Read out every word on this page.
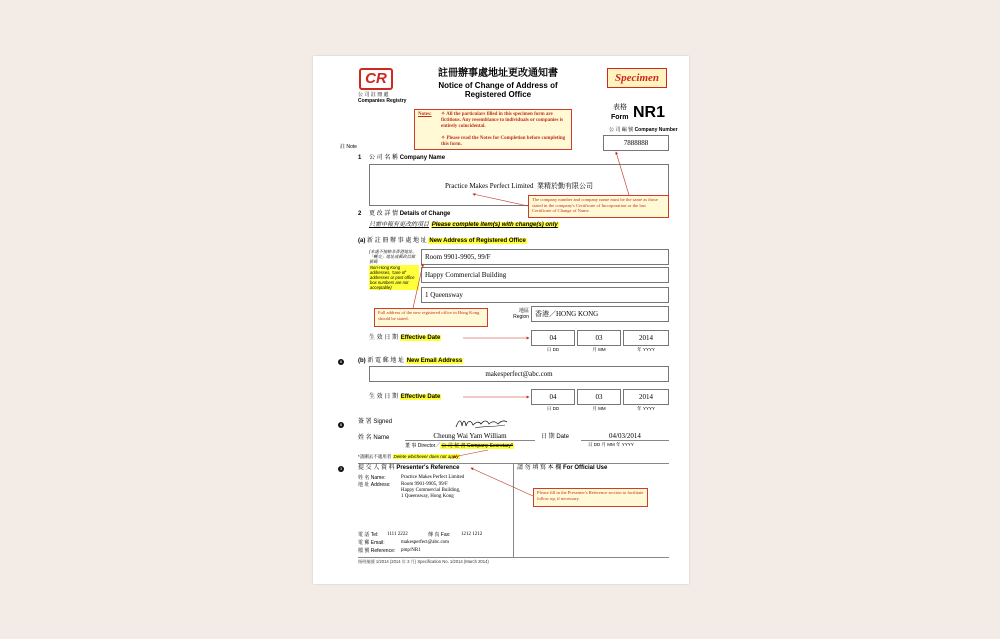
CR
公 司 註 冊 處
Companies Registry
註冊辦事處地址更改通知書
Notice of Change of Address of
Registered Office
Specimen
表格
Form NR1
Notes: ✧ All the particulars filled in this specimen form are fictitious. Any resemblance to individuals or companies is entirely coincidental.
✧ Please read the Notes for Completion before completing this form.
公 司 編 號 Company Number
7888888
註 Note
1 公 司 名 稱 Company Name
Practice Makes Perfect Limited 業精於勤有限公司
The company number and company name must be the same as those stated in the company's Certificate of Incorporation or the last Certificate of Change of Name.
2 更 改 詳 情 Details of Change
只需申報有更改的項目 Please complete item(s) with change(s) only
(a) 新 註 冊 辦 事 處 地 址 New Address of Registered Office
(本處不接納非香港地址、「轉交」地址或郵政信箱號碼
Non-Hong Kong addresses, 'care of' addresses or post office box numbers are not acceptable)
Room 9901-9905, 99/F
Happy Commercial Building
1 Queensway
地區
Region 香港／HONG KONG
Full address of the new registered office in Hong Kong should be stated.
生 效 日 期 Effective Date	04	03	2014
日 DD	月 MM	年 YYYY
6	(b) 新 電 郵 地 址 New Email Address
makesperfect@abc.com
生 效 日 期 Effective Date	04	03	2014
日 DD	月 MM	年 YYYY
8	簽 署 Signed
姓 名 Name	Cheung Wai Yam William	日 期 Date	04/03/2014
日 DD 月 MM 年 YYYY
董 事 Director／公 司 秘 書 Company Secretary*
*請刪去不適用者 Delete whichever does not apply
3	提 交 人 資 料 Presenter's Reference	請 勿 填 寫 本 欄 For Official Use
姓 名 Name:	Practice Makes Perfect Limited
地 址 Address: Room 9901-9905, 99/F
Happy Commercial Building,
1 Queensway, Hong Kong
Please fill in the Presenter's Reference section to facilitate follow up, if necessary.
電 話 Tel: 1111 2222	傳 真 Fax: 1212 1212
電 郵 Email:	makesperfect@abc.com
檔 號 Reference: pmp/NR1
指明編號 1/2014 (2014 年 3 月) Specification No. 1/2014 (March 2014)
